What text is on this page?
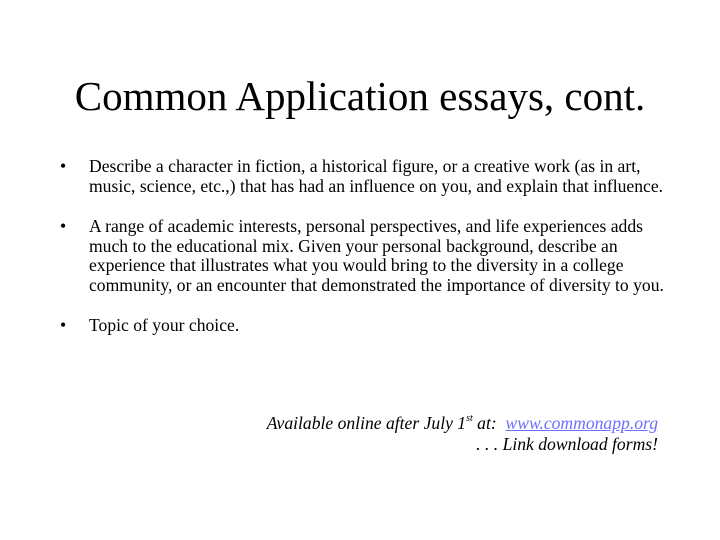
Common Application essays, cont.
• Describe a character in fiction, a historical figure, or a creative work (as in art, music, science, etc.,) that has had an influence on you, and explain that influence.
• A range of academic interests, personal perspectives, and life experiences adds much to the educational mix. Given your personal background, describe an experience that illustrates what you would bring to the diversity in a college community, or an encounter that demonstrated the importance of diversity to you.
• Topic of your choice.
Available online after July 1st at:  www.commonapp.org
. . . Link download forms!
